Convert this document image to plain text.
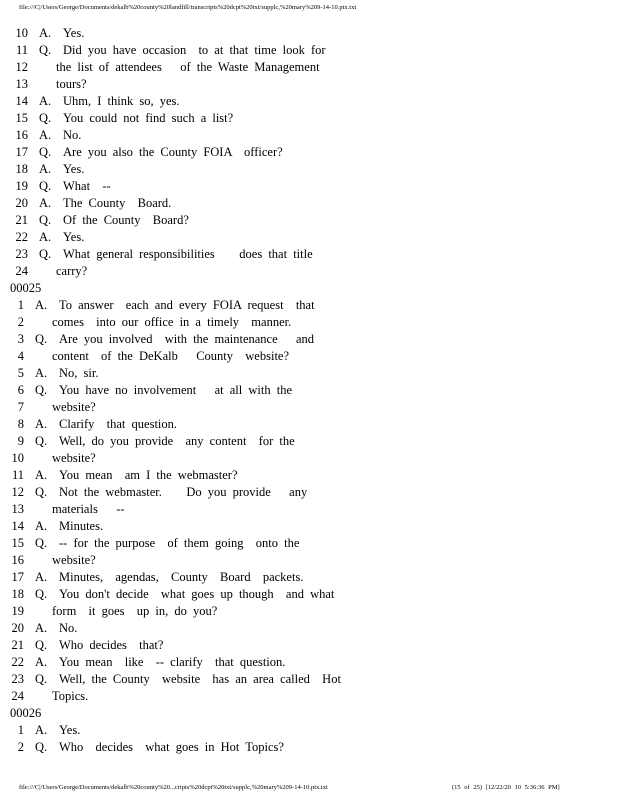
file:///C|/Users/George/Documents/dekalb%20county%20landfill/transcripts%20dcpt%20txt/supplc,%20mary%209-14-10.ptx.txt
10 A. Yes.
11 Q. Did you have occasion  to at that time look for
12 the list of attendees   of the Waste Management
13 tours?
14 A. Uhm, I think so, yes.
15 Q. You could not find such a list?
16 A. No.
17 Q. Are you also the County FOIA  officer?
18 A. Yes.
19 Q. What  --
20 A. The County  Board.
21 Q. Of the County  Board?
22 A. Yes.
23 Q. What general responsibilities    does that title
24 carry?
00025
1 A. To answer  each and every FOIA request  that
2 comes  into our office in a timely  manner.
3 Q. Are you involved  with the maintenance   and
4 content  of the DeKalb   County  website?
5 A. No, sir.
6 Q. You have no involvement   at all with the
7 website?
8 A. Clarify  that question.
9 Q. Well, do you provide  any content  for the
10 website?
11 A. You mean  am I the webmaster?
12 Q. Not the webmaster.    Do you provide   any
13 materials   --
14 A. Minutes.
15 Q. -- for the purpose  of them going  onto the
16 website?
17 A. Minutes,  agendas,  County  Board  packets.
18 Q. You don't decide  what goes up though  and what
19 form  it goes  up in, do you?
20 A. No.
21 Q. Who decides  that?
22 A. You mean  like  -- clarify  that question.
23 Q. Well, the County  website  has an area called  Hot
24 Topics.
00026
1 A. Yes.
2 Q. Who  decides  what goes in Hot Topics?
file:///C|/Users/George/Documents/dekalb%20county%20...cripts%20dcpt%20txt/supplc,%20mary%209-14-10.ptx.txt	(15 of 25) [12/22/20 10 5:36:36 PM]
